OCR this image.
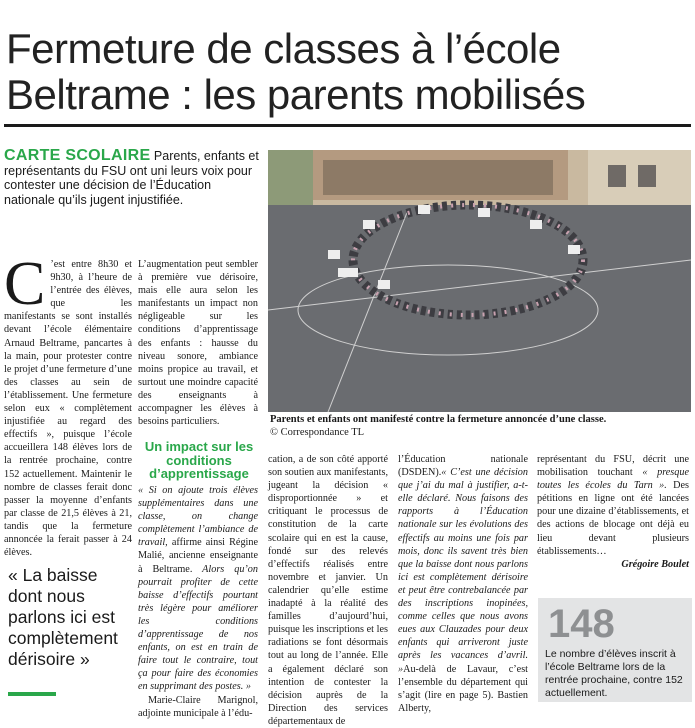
Fermeture de classes à l’école
Beltrame : les parents mobilisés
CARTE SCOLAIRE Parents, enfants et représentants du FSU ont uni leurs voix pour contester une décision de l’Éducation nationale qu’ils jugent injustifiée.
C ’est entre 8h30 et 9h30, à l’heure de l’entrée des élèves, que les manifestants se sont installés devant l’école élémentaire Arnaud Beltrame, pancartes à la main, pour protester contre le projet d’une fermeture d’une des classes au sein de l’établissement. Une fermeture selon eux « complètement injustifiée au regard des effectifs », puisque l’école accueillera 148 élèves lors de la rentrée prochaine, contre 152 actuellement. Maintenir le nombre de classes ferait donc passer la moyenne d’enfants par classe de 21,5 élèves à 21, tandis que la fermeture annoncée la ferait passer à 24 élèves.
« La baisse dont nous parlons ici est complètement dérisoire »

L’augmentation peut sembler à première vue dérisoire, mais elle aura selon les manifestants un impact non négligeable sur les conditions d’apprentissage des enfants : hausse du niveau sonore, ambiance moins propice au travail, et surtout une moindre capacité des enseignants à accompagner les élèves à besoins particuliers.

Un impact sur les conditions d’apprentissage

« Si on ajoute trois élèves supplémentaires dans une classe, on change complètement l’ambiance de travail, affirme ainsi Régine Malié, ancienne enseignante à Beltrame. Alors qu’on pourrait profiter de cette baisse d’effectifs pourtant très légère pour améliorer les conditions d’apprentissage de nos enfants, on est en train de faire tout le contraire, tout ça pour faire des économies en supprimant des postes. »

Marie-Claire Marignol, adjointe municipale à l’édu-

Parents et enfants ont manifesté contre la fermeture annoncée d’une classe.
© Correspondance TL

cation, a de son côté apporté son soutien aux manifestants, jugeant la décision « disproportionnée » et critiquant le processus de constitution de la carte scolaire qui en est la cause, fondé sur des relevés d’effectifs réalisés entre novembre et janvier. Un calendrier qu’elle estime inadapté à la réalité des familles d’aujourd’hui, puisque les inscriptions et les radiations se font désormais tout au long de l’année. Elle a également déclaré son intention de contester la décision auprès de la Direction des services départementaux de

l’Éducation nationale (DSDEN).« C’est une décision que j’ai du mal à justifier, a-t-elle déclaré. Nous faisons des rapports à l’Éducation nationale sur les évolutions des effectifs au moins une fois par mois, donc ils savent très bien que la baisse dont nous parlons ici est complètement dérisoire et peut être contrebalancée par des inscriptions inopinées, comme celles que nous avons eues aux Clauzades pour deux enfants qui arriveront juste après les vacances d’avril. »Au-delà de Lavaur, c’est l’ensemble du département qui s’agit (lire en page 5). Bastien Alberty,

représentant du FSU, décrit une mobilisation touchant « presque toutes les écoles du Tarn ». Des pétitions en ligne ont été lancées pour une dizaine d’établissements, et des actions de blocage ont déjà eu lieu devant plusieurs établissements…

Grégoire Boulet

148
Le nombre d’élèves inscrit à l’école Beltrame lors de la rentrée prochaine, contre 152 actuellement.
